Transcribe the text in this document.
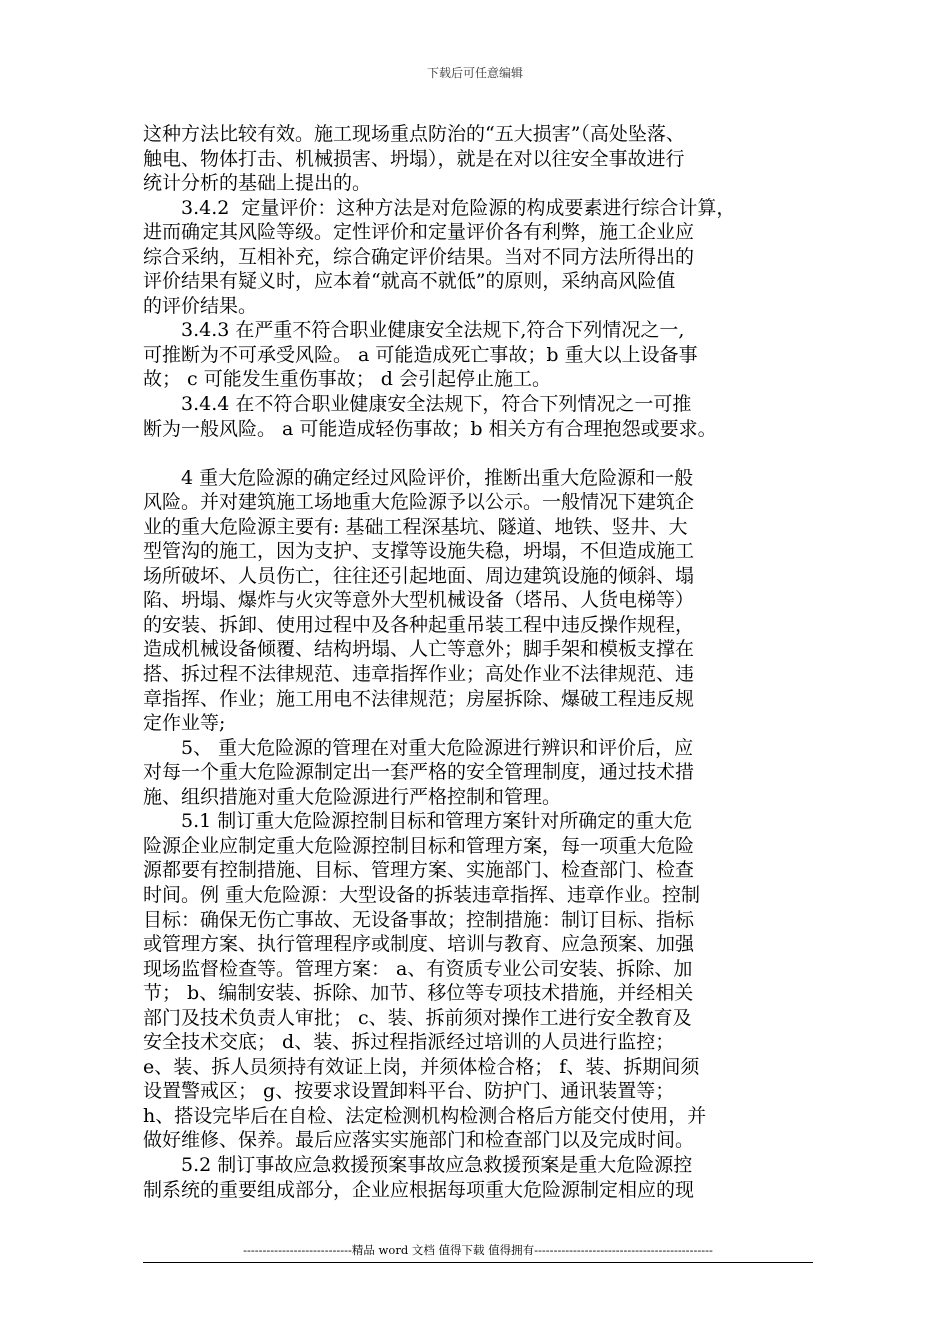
下载后可任意编辑
这种方法比较有效。施工现场重点防治的“五大损害”（高处坠落、
触电、物体打击、机械损害、坍塌），就是在对以往安全事故进行
统计分析的基础上提出的。
　　3.4.2  定量评价：这种方法是对危险源的构成要素进行综合计算，
进而确定其风险等级。定性评价和定量评价各有利弊，施工企业应
综合采纳，互相补充，综合确定评价结果。当对不同方法所得出的
评价结果有疑义时，应本着“就高不就低”的原则，采纳高风险值
的评价结果。
　　3.4.3 在严重不符合职业健康安全法规下,符合下列情况之一,
可推断为不可承受风险。 a 可能造成死亡事故；b 重大以上设备事
故； c 可能发生重伤事故； d 会引起停止施工。
　　3.4.4 在不符合职业健康安全法规下，符合下列情况之一可推
断为一般风险。 a 可能造成轻伤事故；b 相关方有合理抱怨或要求。
　　4 重大危险源的确定经过风险评价，推断出重大危险源和一般
风险。并对建筑施工场地重大危险源予以公示。一般情况下建筑企
业的重大危险源主要有: 基础工程深基坑、隧道、地铁、竖井、大
型管沟的施工，因为支护、支撑等设施失稳，坍塌，不但造成施工
场所破坏、人员伤亡，往往还引起地面、周边建筑设施的倾斜、塌
陷、坍塌、爆炸与火灾等意外大型机械设备（塔吊、人货电梯等）
的安装、拆卸、使用过程中及各种起重吊装工程中违反操作规程，
造成机械设备倾覆、结构坍塌、人亡等意外；脚手架和模板支撑在
搭、拆过程不法律规范、违章指挥作业；高处作业不法律规范、违
章指挥、作业；施工用电不法律规范；房屋拆除、爆破工程违反规
定作业等;
　　5、 重大危险源的管理在对重大危险源进行辨识和评价后，应
对每一个重大危险源制定出一套严格的安全管理制度，通过技术措
施、组织措施对重大危险源进行严格控制和管理。
　　5.1 制订重大危险源控制目标和管理方案针对所确定的重大危
险源企业应制定重大危险源控制目标和管理方案，每一项重大危险
源都要有控制措施、目标、管理方案、实施部门、检查部门、检查
时间。例 重大危险源：大型设备的拆装违章指挥、违章作业。控制
目标：确保无伤亡事故、无设备事故；控制措施：制订目标、指标
或管理方案、执行管理程序或制度、培训与教育、应急预案、加强
现场监督检查等。管理方案： a、有资质专业公司安装、拆除、加
节； b、编制安装、拆除、加节、移位等专项技术措施，并经相关
部门及技术负责人审批； c、装、拆前须对操作工进行安全教育及
安全技术交底； d、装、拆过程指派经过培训的人员进行监控；
e、装、拆人员须持有效证上岗，并须体检合格； f、装、拆期间须
设置警戒区； g、按要求设置卸料平台、防护门、通讯装置等；
h、搭设完毕后在自检、法定检测机构检测合格后方能交付使用，并
做好维修、保养。最后应落实实施部门和检查部门以及完成时间。
　　5.2 制订事故应急救援预案事故应急救援预案是重大危险源控
制系统的重要组成部分，企业应根据每项重大危险源制定相应的现
----------------------------精品 word 文档 值得下载 值得拥有----------------------------------------------
